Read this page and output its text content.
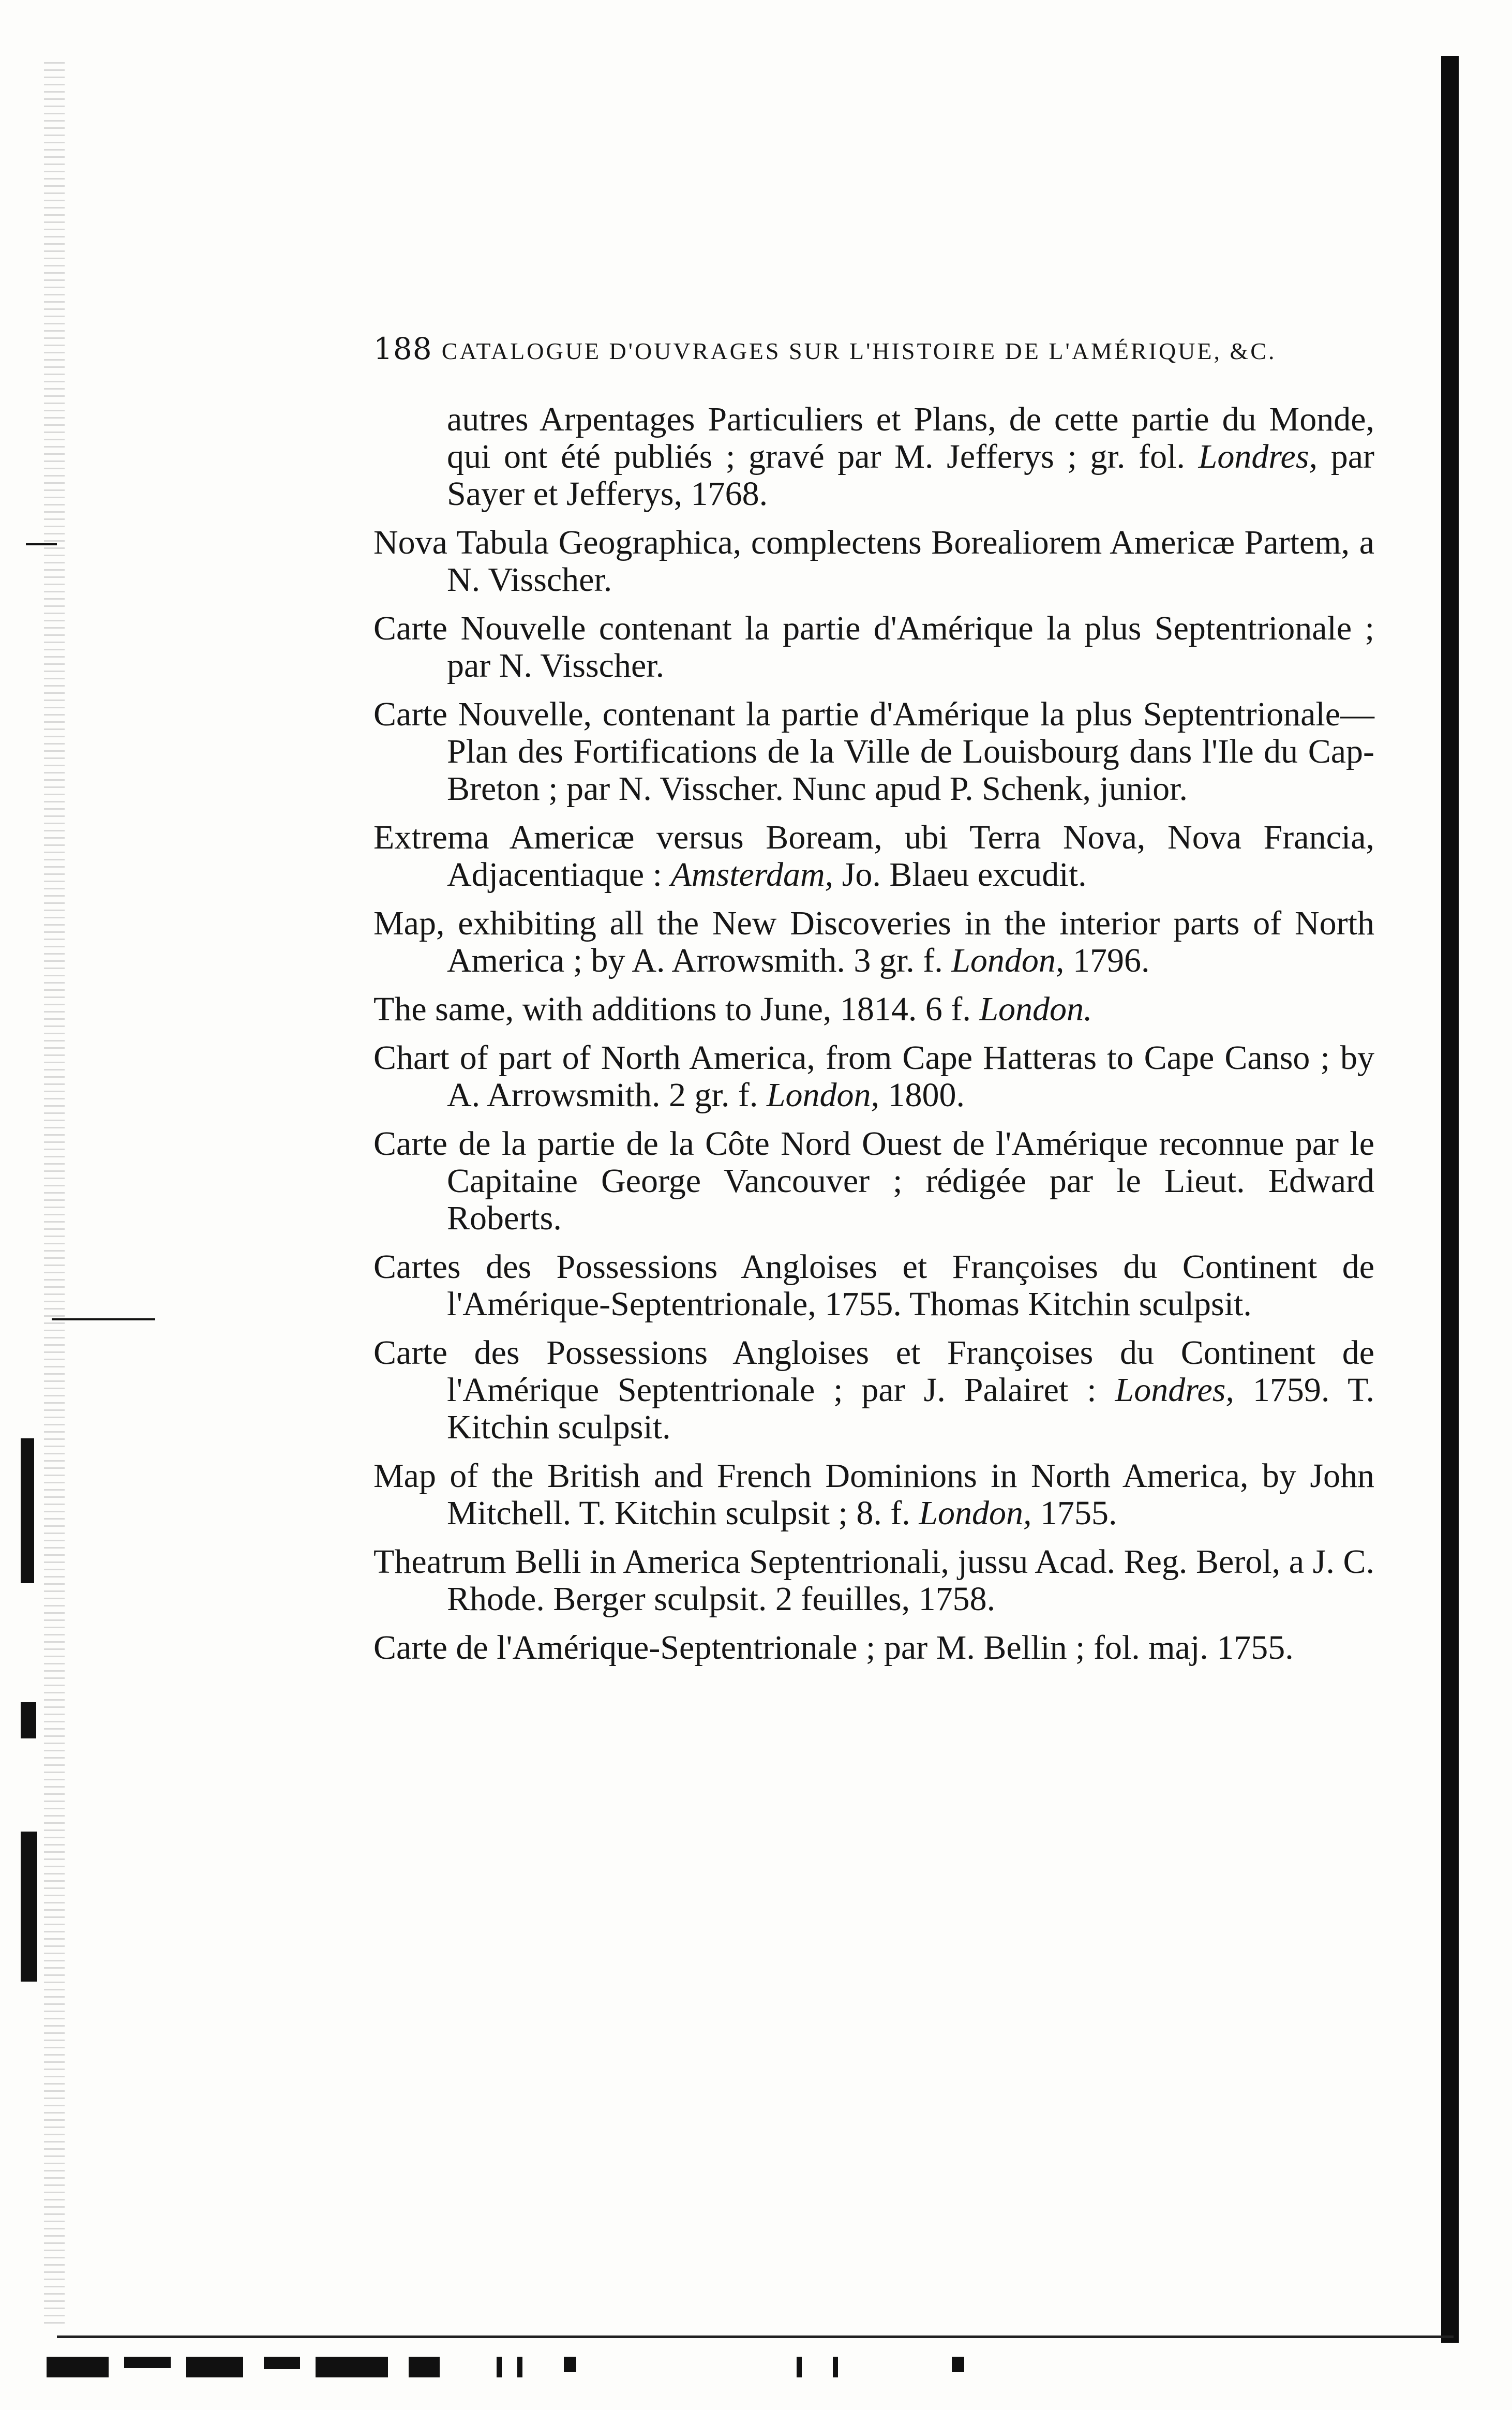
188 CATALOGUE D'OUVRAGES SUR L'HISTOIRE DE L'AMÉRIQUE, &C.

autres Arpentages Particuliers et Plans, de cette partie du Monde, qui ont été publiés ; gravé par M. Jefferys ; gr. fol. Londres, par Sayer et Jefferys, 1768.

Nova Tabula Geographica, complectens Borealiorem Americæ Partem, a N. Visscher.

Carte Nouvelle contenant la partie d'Amérique la plus Septentrionale ; par N. Visscher.

Carte Nouvelle, contenant la partie d'Amérique la plus Septentrionale—Plan des Fortifications de la Ville de Louisbourg dans l'Ile du Cap-Breton ; par N. Visscher. Nunc apud P. Schenk, junior.

Extrema Americæ versus Boream, ubi Terra Nova, Nova Francia, Adjacentiaque : Amsterdam, Jo. Blaeu excudit.

Map, exhibiting all the New Discoveries in the interior parts of North America ; by A. Arrowsmith. 3 gr. f. London, 1796.

The same, with additions to June, 1814. 6 f. London.

Chart of part of North America, from Cape Hatteras to Cape Canso ; by A. Arrowsmith. 2 gr. f. London, 1800.

Carte de la partie de la Côte Nord Ouest de l'Amérique reconnue par le Capitaine George Vancouver ; rédigée par le Lieut. Edward Roberts.

Cartes des Possessions Angloises et Françoises du Continent de l'Amérique-Septentrionale, 1755. Thomas Kitchin sculpsit.

Carte des Possessions Angloises et Françoises du Continent de l'Amérique Septentrionale ; par J. Palairet : Londres, 1759. T. Kitchin sculpsit.

Map of the British and French Dominions in North America, by John Mitchell. T. Kitchin sculpsit ; 8. f. London, 1755.

Theatrum Belli in America Septentrionali, jussu Acad. Reg. Berol, a J. C. Rhode. Berger sculpsit. 2 feuilles, 1758.

Carte de l'Amérique-Septentrionale ; par M. Bellin ; fol. maj. 1755.
